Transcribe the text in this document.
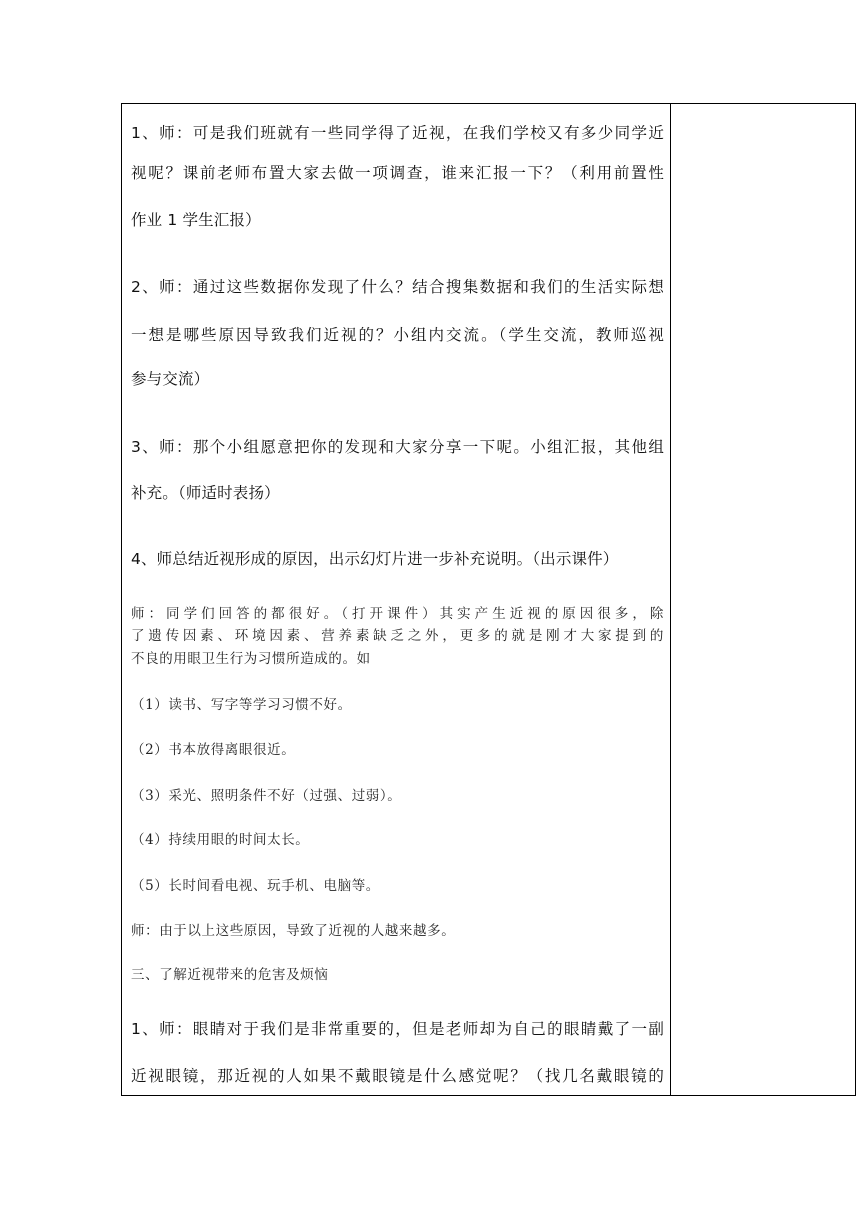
1、师：可是我们班就有一些同学得了近视，在我们学校又有多少同学近
视呢？课前老师布置大家去做一项调查，谁来汇报一下？（利用前置性
作业 1 学生汇报）
2、师：通过这些数据你发现了什么？结合搜集数据和我们的生活实际想
一想是哪些原因导致我们近视的？小组内交流。（学生交流，教师巡视
参与交流）
3、师：那个小组愿意把你的发现和大家分享一下呢。小组汇报，其他组
补充。（师适时表扬）
4、师总结近视形成的原因，出示幻灯片进一步补充说明。（出示课件）
师：同学们回答的都很好。（打开课件）其实产生近视的原因很多，除
了遗传因素、环境因素、营养素缺乏之外，更多的就是刚才大家提到的
不良的用眼卫生行为习惯所造成的。如
（1）读书、写字等学习习惯不好。
（2）书本放得离眼很近。
（3）采光、照明条件不好（过强、过弱）。
（4）持续用眼的时间太长。
（5）长时间看电视、玩手机、电脑等。
师：由于以上这些原因，导致了近视的人越来越多。
三、了解近视带来的危害及烦恼
1、师：眼睛对于我们是非常重要的，但是老师却为自己的眼睛戴了一副
近视眼镜，那近视的人如果不戴眼镜是什么感觉呢？（找几名戴眼镜的
